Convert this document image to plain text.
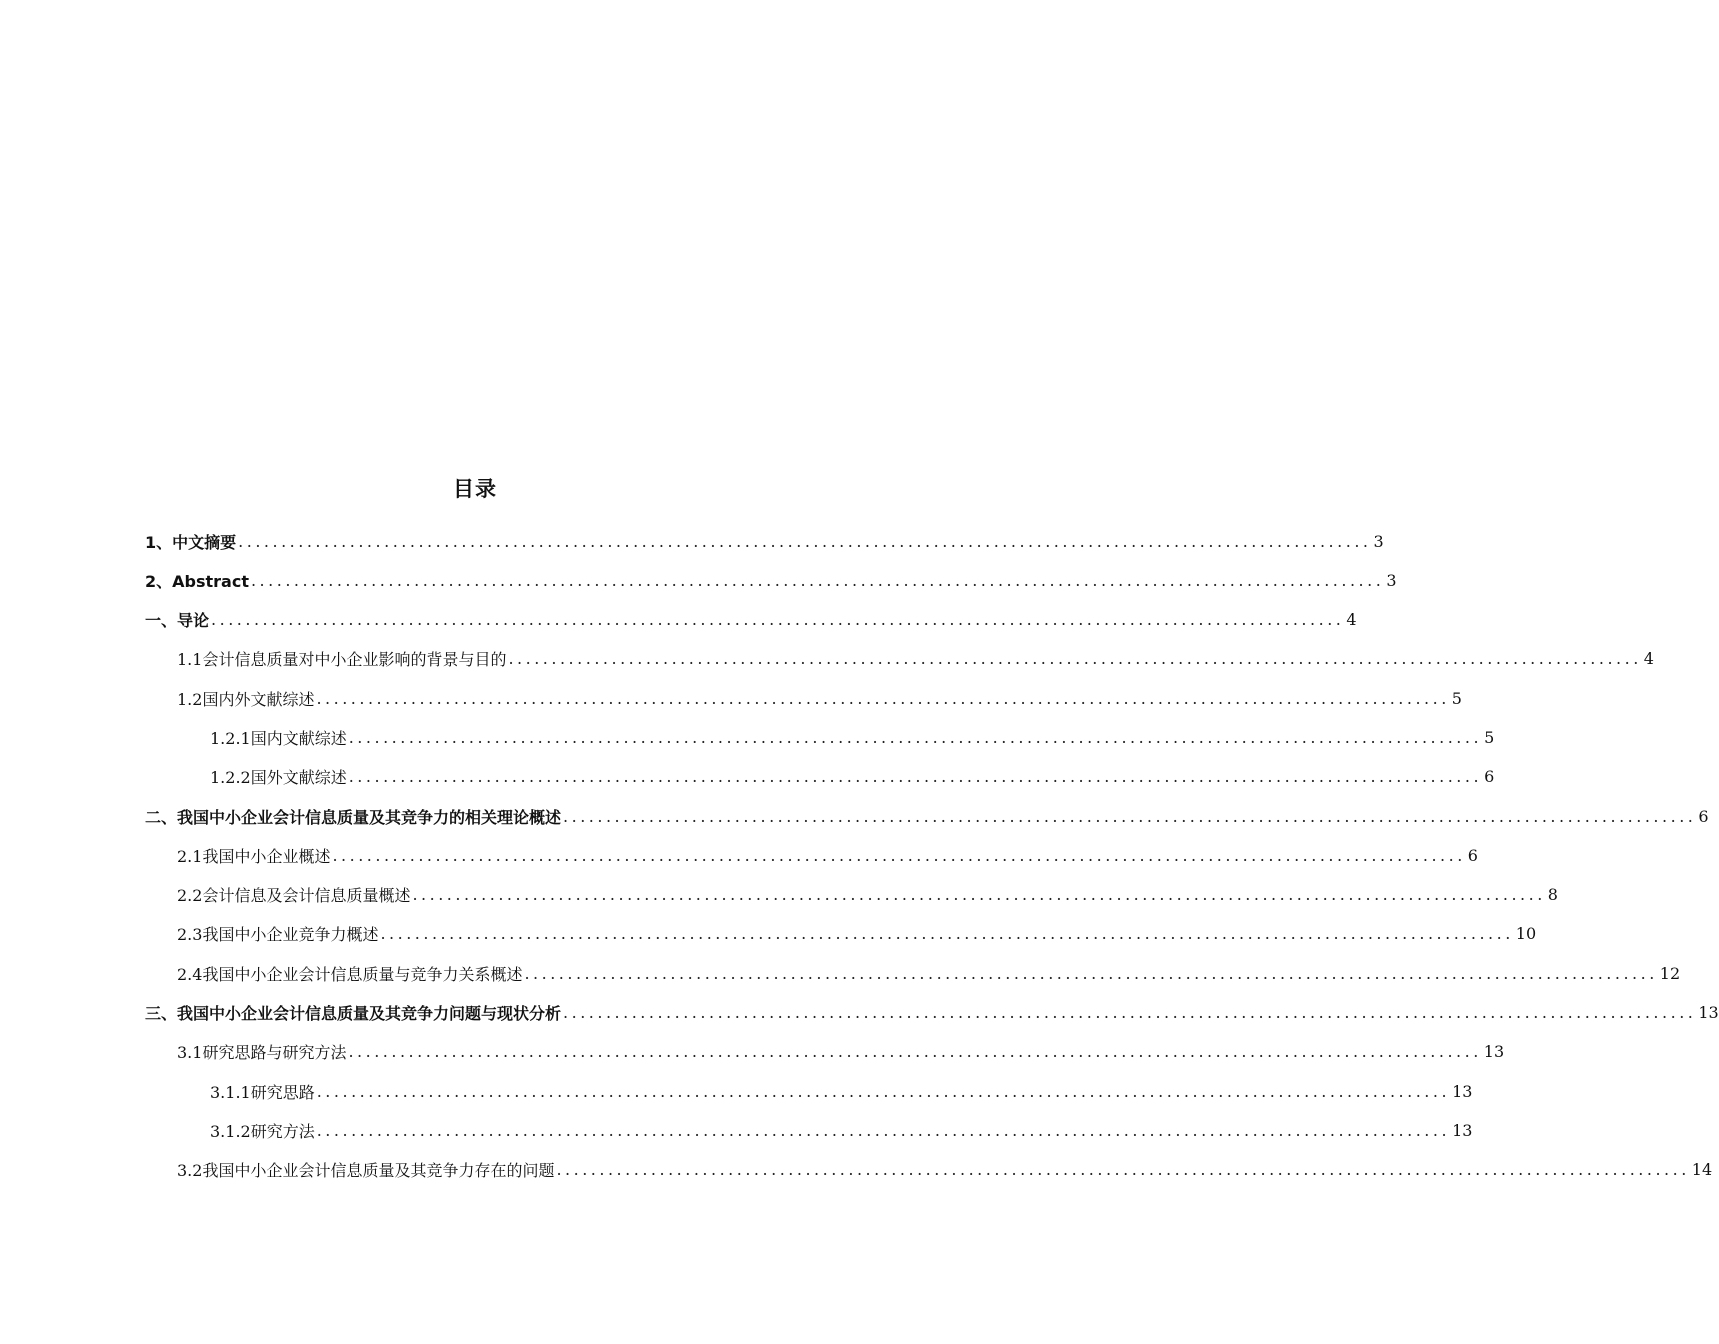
目录
1、中文摘要 .................................................................................................................................... 3
2、Abstract .................................................................................................................................... 3
一、导论 .................................................................................................................................... 4
1.1会计信息质量对中小企业影响的背景与目的 .................................................................................................................................... 4
1.2国内外文献综述 .................................................................................................................................... 5
1.2.1国内文献综述 .................................................................................................................................... 5
1.2.2国外文献综述 .................................................................................................................................... 6
二、我国中小企业会计信息质量及其竞争力的相关理论概述 .................................................................................................................................... 6
2.1我国中小企业概述 .................................................................................................................................... 6
2.2会计信息及会计信息质量概述 .................................................................................................................................... 8
2.3我国中小企业竞争力概述 .................................................................................................................................... 10
2.4我国中小企业会计信息质量与竞争力关系概述 .................................................................................................................................... 12
三、我国中小企业会计信息质量及其竞争力问题与现状分析 .................................................................................................................................... 13
3.1研究思路与研究方法 .................................................................................................................................... 13
3.1.1研究思路 .................................................................................................................................... 13
3.1.2研究方法 .................................................................................................................................... 13
3.2我国中小企业会计信息质量及其竞争力存在的问题 .................................................................................................................................... 14
